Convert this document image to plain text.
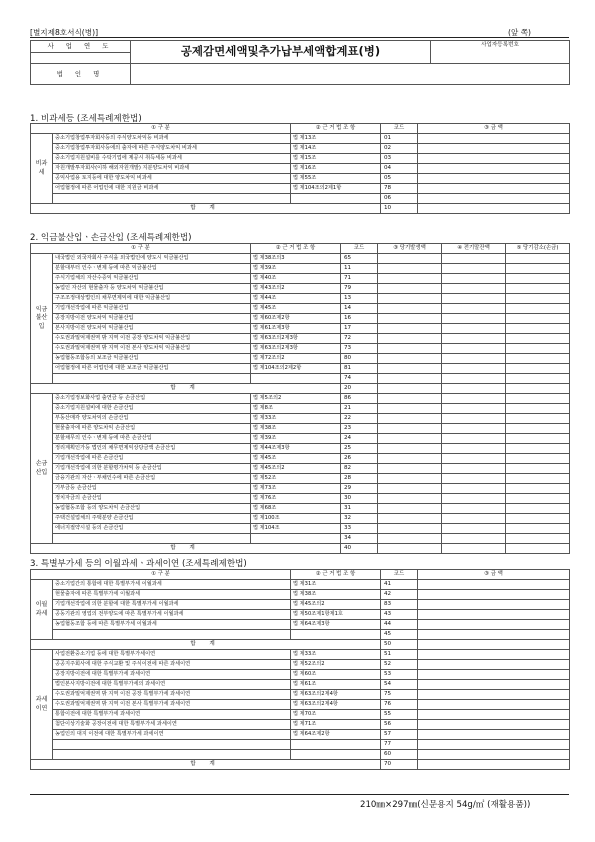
[별지제8호서식(병)]	(앞 쪽)
사 업 연 도	공제감면세액및추가납부세액합계표(병)	사업자등록번호

법 인 명		
1. 비과세등 (조세특례제한법)
① 구 분		② 근 거 법 조 항	코드	③ 금 액
비과세	중소기업창업투자회사등의 주식양도차익등 비과세	법 제13조	01	
	중소기업창업투자회사등에의 출자에 따른 주식양도차익 비과세	법 제14조	02	
	중소기업지원설비를 수탁기업에 제공시 취득세등 비과세	법 제15조	03	
	자원개발투자회사(이하 해외자원개발) 지분양도차익 비과세	법 제16조	04	
	공익사업용 토지등에 대한 양도차익 비과세	법 제55조	05	
	어업협정에 따른 어업인에 대한 지원금 비과세	법 제104조의2제1항	78	
			06	
합 계			10	
2. 익금불산입ㆍ손금산입 (조세특례제한법)
① 구 분		② 근 거 법 조 항	코드	③ 당기발생액	④ 전기말잔액	⑤ 당기감소(손금)
익금불산입	내국법인 외국자회사 주식을 외국법인에 양도시 익금불산입	법 제38조의3	65			
	분할대부터 인수ㆍ변제 등에 따른 익금불산입	법 제39조	11			
	주식기업체의 자산수증익 익금불산입	법 제40조	71			
	농업인 자산의 현물출자 등 양도차익 익금불산입	법 제43조의2	79			
	구조조정대상법인의 채무면제익에 대한 익금불산입	법 제44조	13			
	기업개선작업에 따른 익금불산입	법 제45조	14			
	공장지방이전 양도차익 익금불산입	법 제60조제2항	16			
	본사지방이전 양도차익 익금불산입	법 제61조제3항	17			
	수도권과밀억제권역 밖 지역 이전 공장 양도차익 익금불산입	법 제63조의2제3항	72			
	수도권과밀억제권역 밖 지역 이전 본사 양도차익 익금불산입	법 제63조의2제3항	73			
	농업협동조합등의 보조금 익금불산입	법 제72조의2	80			
	어업협정에 따른 어업인에 대한 보조금 익금불산입	법 제104조의2제2항	81			
			74			
합 계			20			
손금산입	중소기업정보화사업 출연금 등 손금산입	법 제5조의2	86			
	중소기업지원설비에 대한 손금산입	법 제8조	21			
	부동산매각 양도차익의 손금산입	법 제33조	22			
	현물출자에 따른 양도차익 손금산입	법 제38조	23			
	분할채무의 인수ㆍ변제 등에 따른 손금산입	법 제39조	24			
	정리계획인가등 법인의 채무면제익상당금액 손금산입	법 제44조제3항	25			
	기업개선작업에 따른 손금산입	법 제45조	26			
	기업개선작업에 의한 분할평가차익 등 손금산입	법 제45조의2	82			
	금융기관의 자산ㆍ부채인수에 따른 손금산입	법 제52조	28			
	기부금등 손금산입	법 제73조	29			
	정치자금의 손금산입	법 제76조	30			
	농업협동조합 등의 양도차익 손금산입	법 제68조	31			
	주택건설업체의 주택분양 손금산입	법 제100조	32			
	에너지절약시설 등의 손금산입	법 제104조	33			
			34			
합 계			40			
3. 특별부가세 등의 이월과세ㆍ과세이연 (조세특례제한법)
① 구 분		② 근 거 법 조 항	코드	③ 금 액
이월과세	중소기업간의 통합에 대한 특별부가세 이월과세	법 제31조	41	
	현물출자에 따른 특별부가세 이월과세	법 제38조	42	
	기업개선작업에 의한 분할에 대한 특별부가세 이월과세	법 제45조의2	83	
	공동기관의 영업의 전부양도에 따른 특별부가세 이월과세	법 제50조제1항제1호	43	
	농업협동조합 등에 따른 특별부가세 이월과세	법 제64조제3항	44	
			45	
합 계			50	
과세이연	사업전환중소기업 등에 대한 특별부가세이연	법 제33조	51	
	공공지주회사에 대한 주식교환 및 주식이전에 따른 과세이연	법 제52조의2	52	
	공장지방이전에 대한 특별부가세 과세이연	법 제60조	53	
	법인본사지방이전에 대한 특별부가세의 과세이연	법 제61조	54	
	수도권과밀억제권역 밖 지역 이전 공장 특별부가세 과세이연	법 제63조의2제4항	75	
	수도권과밀억제권역 밖 지역 이전 본사 특별부가세 과세이연	법 제63조의2제4항	76	
	통합이전에 대한 특별부가세 과세이연	법 제70조	55	
	첨단이상기술화 공장이전에 대한 특별부가세 과세이연	법 제71조	56	
	농업인의 대지 이전에 대한 특별부가세 과세이연	법 제64조제2항	57	
			77	
			60	
합 계			70	
210㎜×297㎜(신문용지 54g/㎡ (재활용품))
